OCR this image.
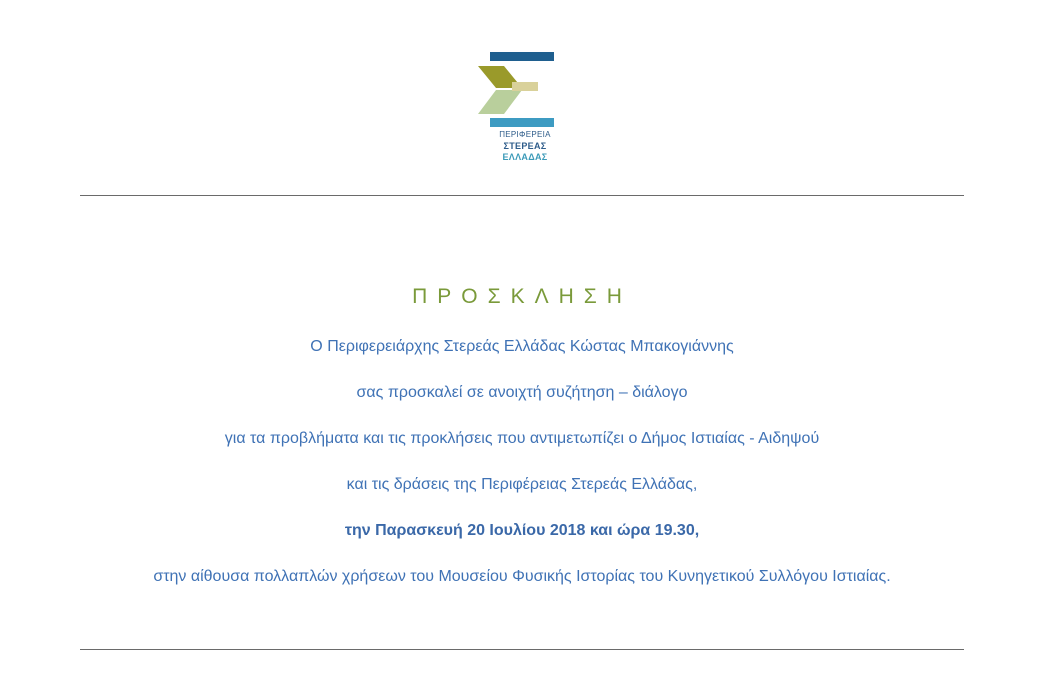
ΠΕΡΙΦΕΡΕΙΑ
ΣΤΕΡΕΑΣ
ΕΛΛΑΔΑΣ
ΠΡΟΣΚΛΗΣΗ
Ο Περιφερειάρχης Στερεάς Ελλάδας Κώστας Μπακογιάννης
σας προσκαλεί σε ανοιχτή συζήτηση – διάλογο
για τα προβλήματα και τις προκλήσεις που αντιμετωπίζει ο Δήμος Ιστιαίας - Αιδηψού
και τις δράσεις της Περιφέρειας Στερεάς Ελλάδας,
την Παρασκευή 20 Ιουλίου 2018 και ώρα 19.30,
στην αίθουσα πολλαπλών χρήσεων του Μουσείου Φυσικής Ιστορίας του Κυνηγετικού Συλλόγου Ιστιαίας.
